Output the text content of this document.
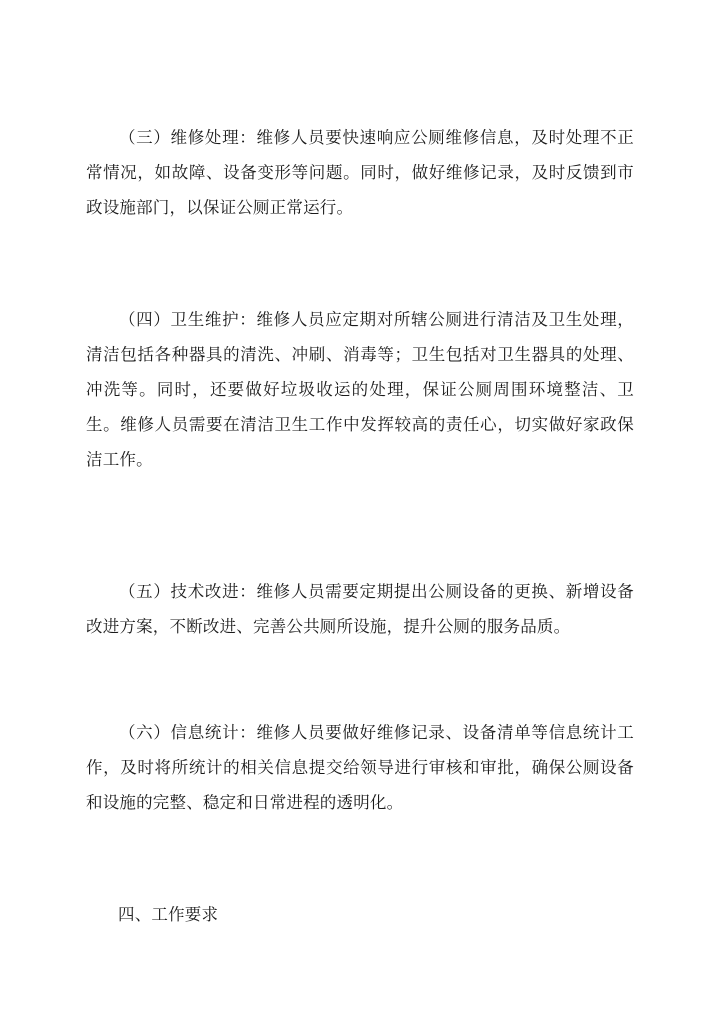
（三）维修处理：维修人员要快速响应公厕维修信息，及时处理不正常情况，如故障、设备变形等问题。同时，做好维修记录，及时反馈到市政设施部门，以保证公厕正常运行。

（四）卫生维护：维修人员应定期对所辖公厕进行清洁及卫生处理，清洁包括各种器具的清洗、冲刷、消毒等；卫生包括对卫生器具的处理、冲洗等。同时，还要做好垃圾收运的处理，保证公厕周围环境整洁、卫生。维修人员需要在清洁卫生工作中发挥较高的责任心，切实做好家政保洁工作。

（五）技术改进：维修人员需要定期提出公厕设备的更换、新增设备改进方案，不断改进、完善公共厕所设施，提升公厕的服务品质。

（六）信息统计：维修人员要做好维修记录、设备清单等信息统计工作，及时将所统计的相关信息提交给领导进行审核和审批，确保公厕设备和设施的完整、稳定和日常进程的透明化。

四、工作要求
